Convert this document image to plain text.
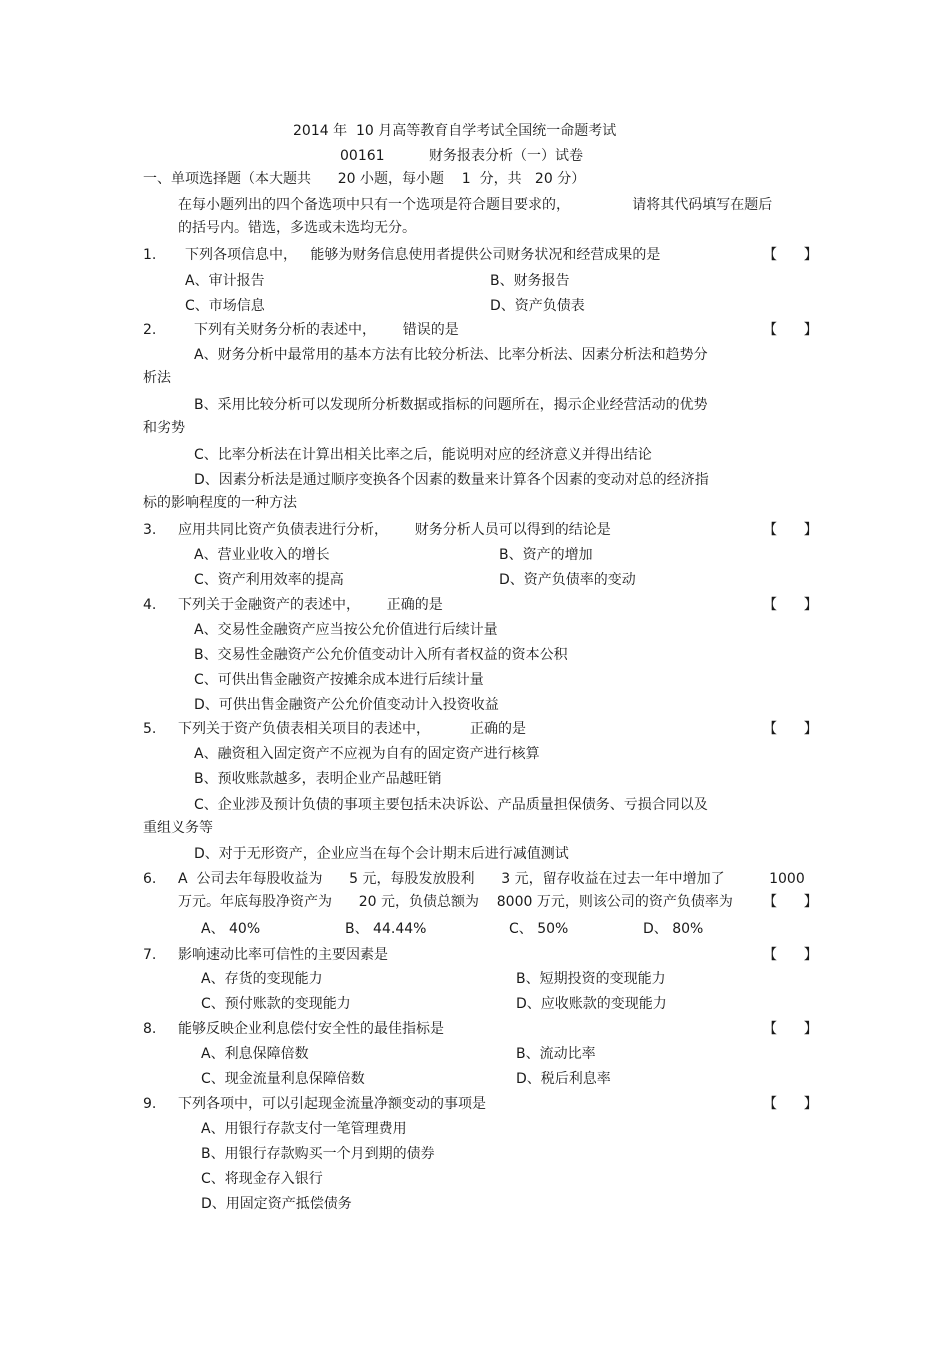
2014 年  10 月高等教育自学考试全国统一命题考试
00161          财务报表分析（一）试卷
一、单项选择题（本大题共      20 小题，每小题    1  分，共   20 分）
在每小题列出的四个备选项中只有一个选项是符合题目要求的，              请将其代码填写在题后
的括号内。错选，多选或未选均无分。
1. 下列各项信息中，   能够为财务信息使用者提供公司财务状况和经营成果的是	【      】
A、审计报告	B、财务报告
C、市场信息	D、资产负债表
2.	下列有关财务分析的表述中，      错误的是	【      】
A、财务分析中最常用的基本方法有比较分析法、比率分析法、因素分析法和趋势分
析法
B、采用比较分析可以发现所分析数据或指标的问题所在，揭示企业经营活动的优势
和劣势
C、比率分析法在计算出相关比率之后，能说明对应的经济意义并得出结论
D、因素分析法是通过顺序变换各个因素的数量来计算各个因素的变动对总的经济指
标的影响程度的一种方法
3. 应用共同比资产负债表进行分析，      财务分析人员可以得到的结论是	【      】
A、营业业收入的增长	B、资产的增加
C、资产利用效率的提高	D、资产负债率的变动
4. 下列关于金融资产的表述中，      正确的是	【      】
A、交易性金融资产应当按公允价值进行后续计量
B、交易性金融资产公允价值变动计入所有者权益的资本公积
C、可供出售金融资产按摊余成本进行后续计量
D、可供出售金融资产公允价值变动计入投资收益
5. 下列关于资产负债表相关项目的表述中，         正确的是	【      】
A、融资租入固定资产不应视为自有的固定资产进行核算
B、预收账款越多，表明企业产品越旺销
C、企业涉及预计负债的事项主要包括未决诉讼、产品质量担保债务、亏损合同以及
重组义务等
D、对于无形资产，企业应当在每个会计期末后进行减值测试
6. A  公司去年每股收益为      5 元，每股发放股利      3 元，留存收益在过去一年中增加了          1000
万元。年底每股净资产为      20 元，负债总额为    8000 万元，则该公司的资产负债率为 【      】
A、 40%	B、 44.44%	C、 50%	D、 80%
7. 影响速动比率可信性的主要因素是	【      】
A、存货的变现能力	B、短期投资的变现能力
C、预付账款的变现能力	D、应收账款的变现能力
8. 能够反映企业利息偿付安全性的最佳指标是	【      】
A、利息保障倍数	B、流动比率
C、现金流量利息保障倍数	D、税后利息率
9. 下列各项中，可以引起现金流量净额变动的事项是	【      】
A、用银行存款支付一笔管理费用
B、用银行存款购买一个月到期的债券
C、将现金存入银行
D、用固定资产抵偿债务
